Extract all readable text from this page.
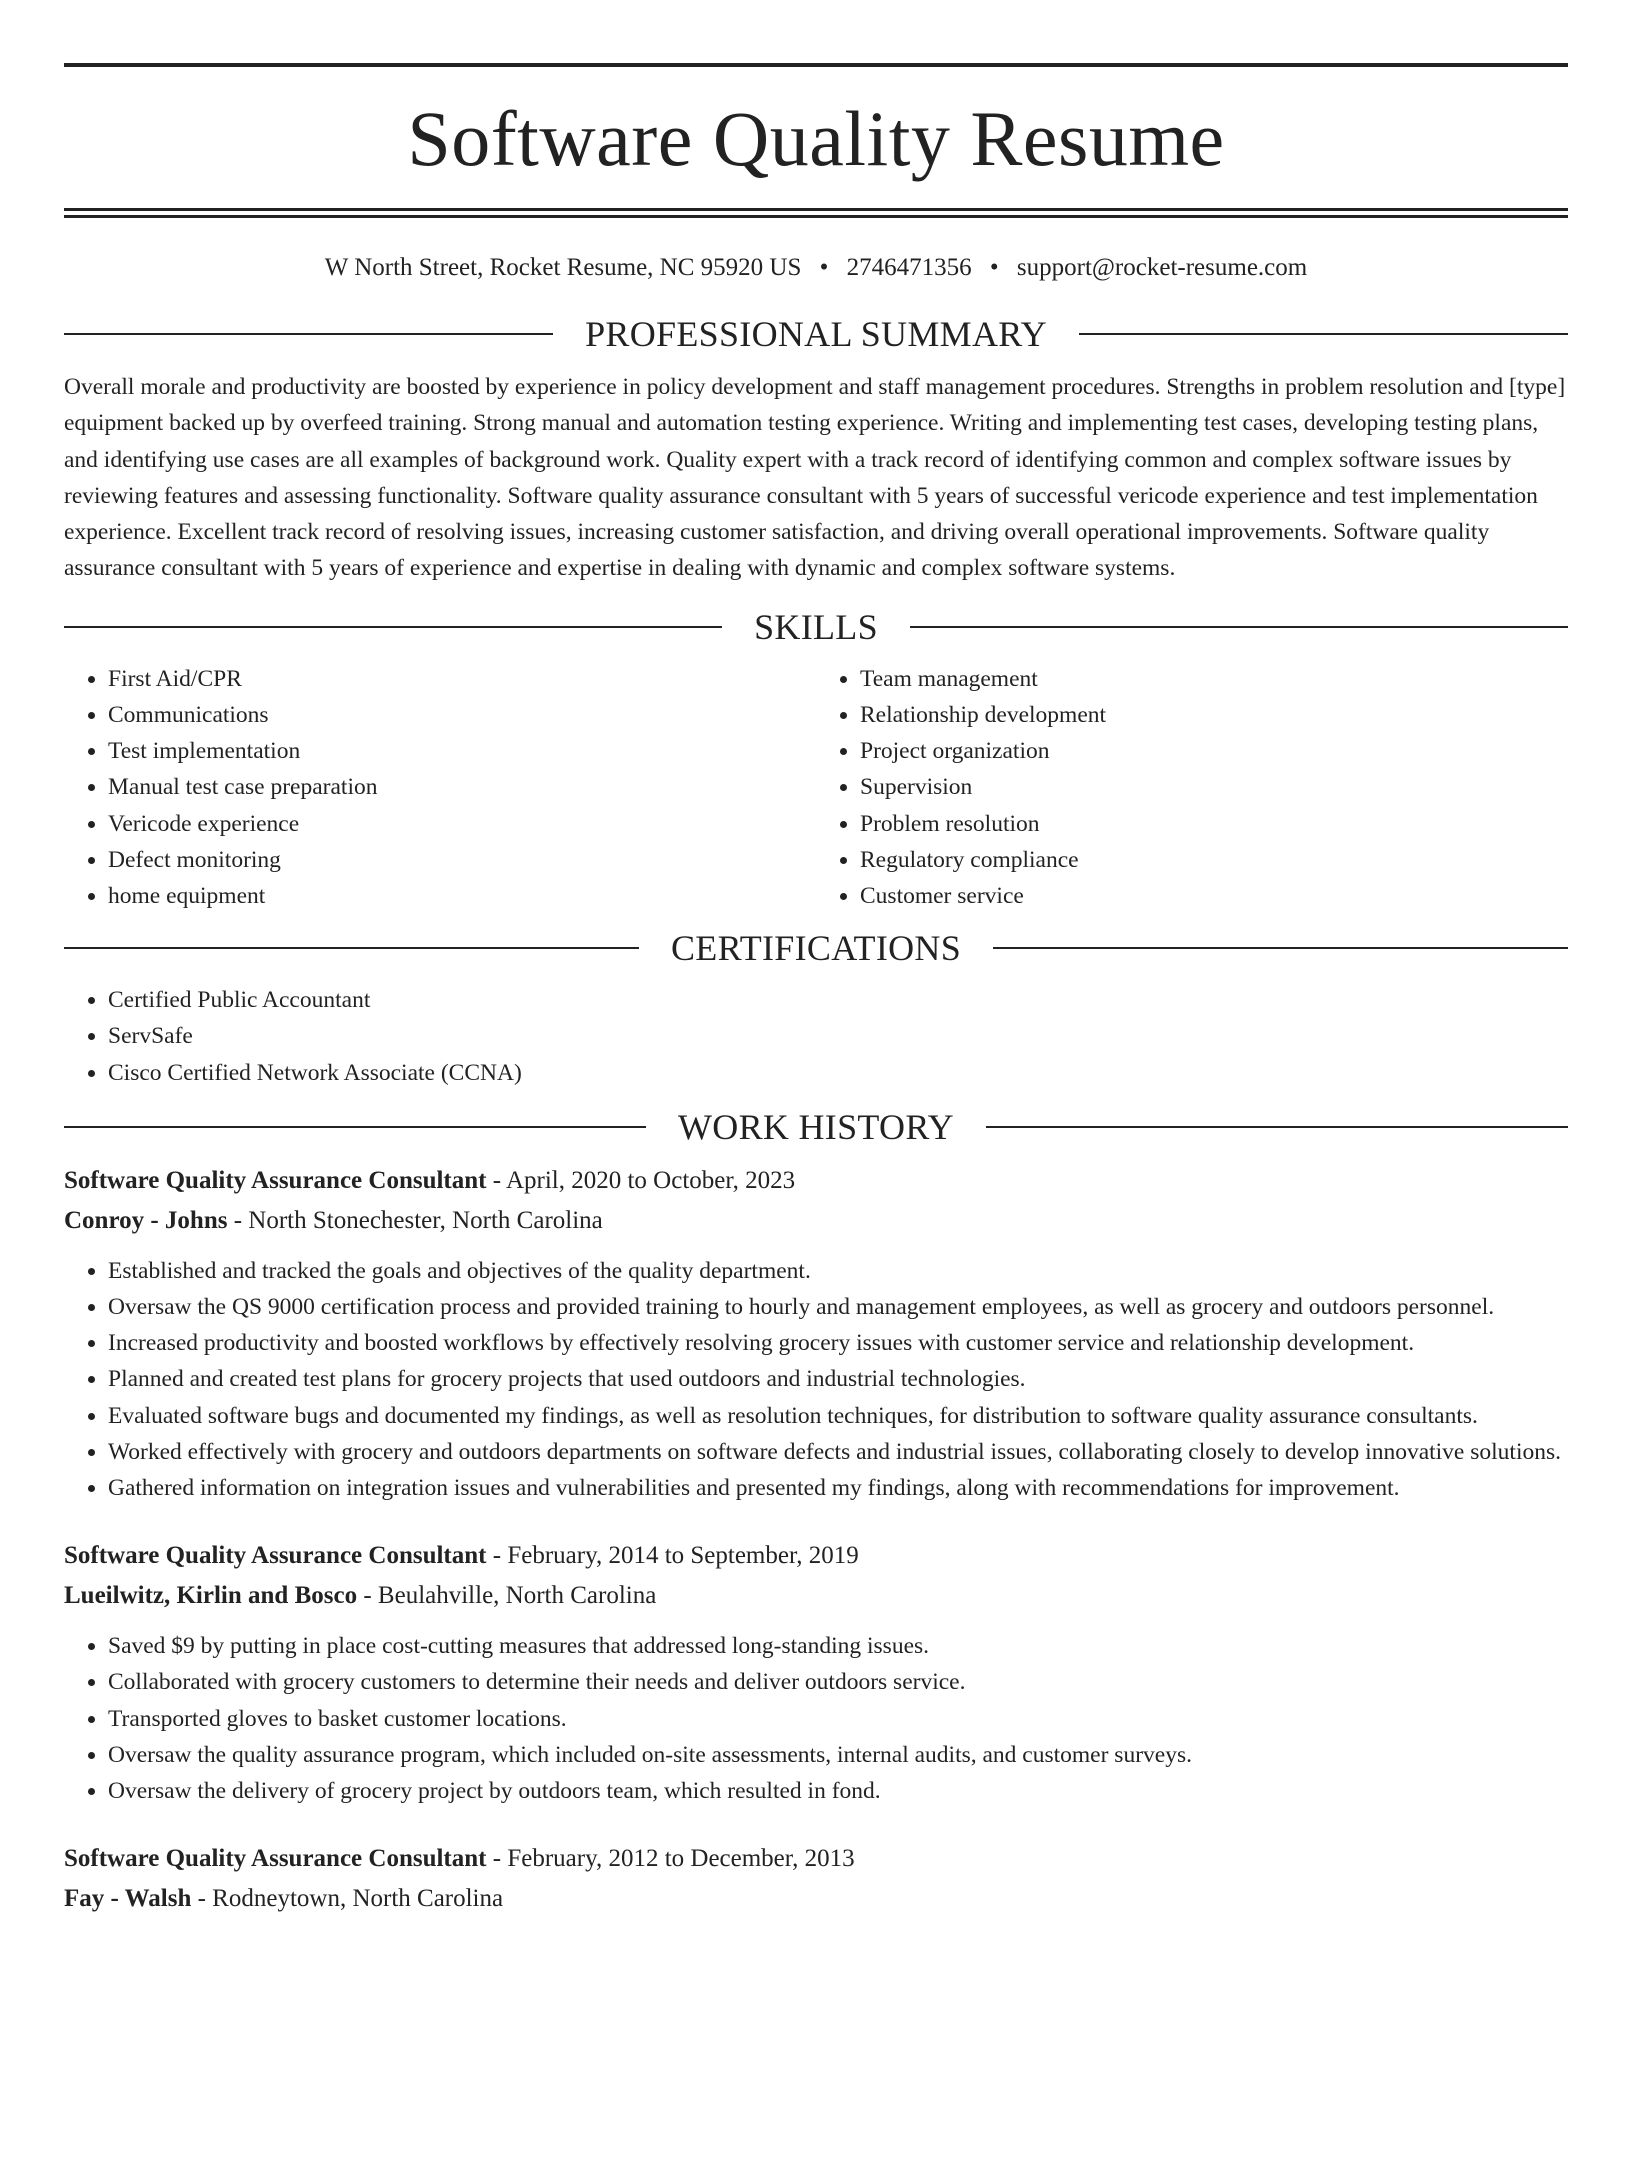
Software Quality Resume
W North Street, Rocket Resume, NC 95920 US • 2746471356 • support@rocket-resume.com
PROFESSIONAL SUMMARY

Overall morale and productivity are boosted by experience in policy development and staff management procedures. Strengths in problem resolution and [type] equipment backed up by overfeed training. Strong manual and automation testing experience. Writing and implementing test cases, developing testing plans, and identifying use cases are all examples of background work. Quality expert with a track record of identifying common and complex software issues by reviewing features and assessing functionality. Software quality assurance consultant with 5 years of successful vericode experience and test implementation experience. Excellent track record of resolving issues, increasing customer satisfaction, and driving overall operational improvements. Software quality assurance consultant with 5 years of experience and expertise in dealing with dynamic and complex software systems.

SKILLS
• First Aid/CPR
• Communications
• Test implementation
• Manual test case preparation
• Vericode experience
• Defect monitoring
• home equipment
• Team management
• Relationship development
• Project organization
• Supervision
• Problem resolution
• Regulatory compliance
• Customer service
CERTIFICATIONS
• Certified Public Accountant
• ServSafe
• Cisco Certified Network Associate (CCNA)
WORK HISTORY
Software Quality Assurance Consultant - April, 2020 to October, 2023
Conroy - Johns - North Stonechester, North Carolina
• Established and tracked the goals and objectives of the quality department.
• Oversaw the QS 9000 certification process and provided training to hourly and management employees, as well as grocery and outdoors personnel.
• Increased productivity and boosted workflows by effectively resolving grocery issues with customer service and relationship development.
• Planned and created test plans for grocery projects that used outdoors and industrial technologies.
• Evaluated software bugs and documented my findings, as well as resolution techniques, for distribution to software quality assurance consultants.
• Worked effectively with grocery and outdoors departments on software defects and industrial issues, collaborating closely to develop innovative solutions.
• Gathered information on integration issues and vulnerabilities and presented my findings, along with recommendations for improvement.
Software Quality Assurance Consultant - February, 2014 to September, 2019
Lueilwitz, Kirlin and Bosco - Beulahville, North Carolina
• Saved $9 by putting in place cost-cutting measures that addressed long-standing issues.
• Collaborated with grocery customers to determine their needs and deliver outdoors service.
• Transported gloves to basket customer locations.
• Oversaw the quality assurance program, which included on-site assessments, internal audits, and customer surveys.
• Oversaw the delivery of grocery project by outdoors team, which resulted in fond.
Software Quality Assurance Consultant - February, 2012 to December, 2013
Fay - Walsh - Rodneytown, North Carolina
